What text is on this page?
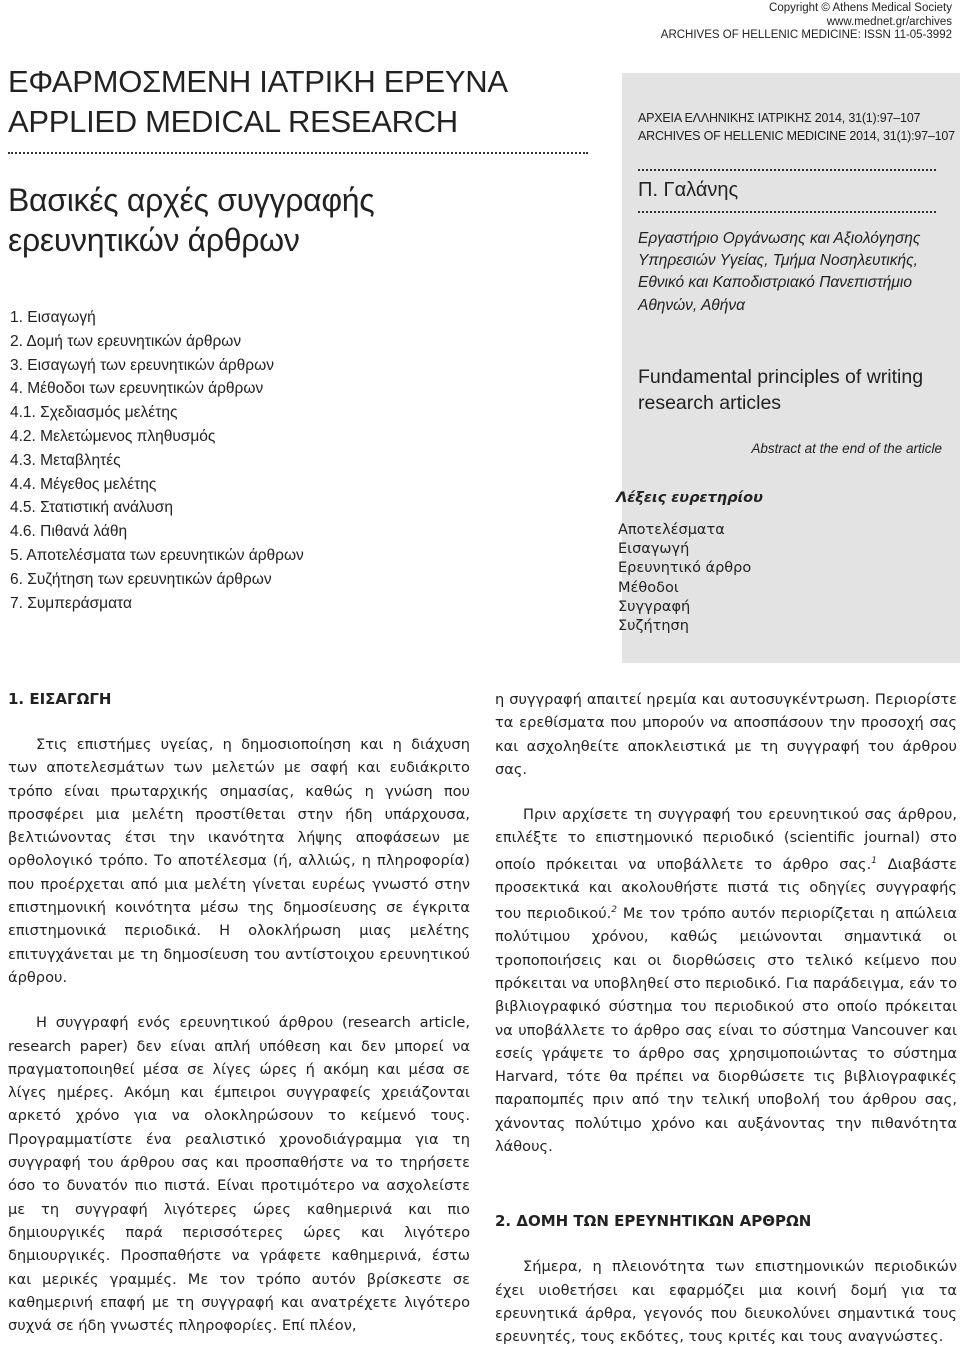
Copyright © Athens Medical Society
www.mednet.gr/archives
ARCHIVES OF HELLENIC MEDICINE: ISSN 11-05-3992
ΕΦΑΡΜΟΣΜΕΝΗ ΙΑΤΡΙΚΗ ΕΡΕΥΝΑ
APPLIED MEDICAL RESEARCH
Βασικές αρχές συγγραφής
ερευνητικών άρθρων
1. Εισαγωγή
2. Δομή των ερευνητικών άρθρων
3. Εισαγωγή των ερευνητικών άρθρων
4. Μέθοδοι των ερευνητικών άρθρων
4.1. Σχεδιασμός μελέτης
4.2. Μελετώμενος πληθυσμός
4.3. Μεταβλητές
4.4. Μέγεθος μελέτης
4.5. Στατιστική ανάλυση
4.6. Πιθανά λάθη
5. Αποτελέσματα των ερευνητικών άρθρων
6. Συζήτηση των ερευνητικών άρθρων
7. Συμπεράσματα
ΑΡΧΕΙΑ ΕΛΛΗΝΙΚΗΣ ΙΑΤΡΙΚΗΣ 2014, 31(1):97–107
ARCHIVES OF HELLENIC MEDICINE 2014, 31(1):97–107
Π. Γαλάνης
Εργαστήριο Οργάνωσης και Αξιολόγησης Υπηρεσιών Υγείας, Τμήμα Νοσηλευτικής, Εθνικό και Καποδιστριακό Πανεπιστήμιο Αθηνών, Αθήνα
Fundamental principles of writing research articles
Abstract at the end of the article
Λέξεις ευρετηρίου
Αποτελέσματα
Εισαγωγή
Ερευνητικό άρθρο
Μέθοδοι
Συγγραφή
Συζήτηση
1. ΕΙΣΑΓΩΓΗ

Στις επιστήμες υγείας, η δημοσιοποίηση και η διάχυση των αποτελεσμάτων των μελετών με σαφή και ευδιάκριτο τρόπο είναι πρωταρχικής σημασίας, καθώς η γνώση που προσφέρει μια μελέτη προστίθεται στην ήδη υπάρχουσα, βελτιώνοντας έτσι την ικανότητα λήψης αποφάσεων με ορθολογικό τρόπο. Το αποτέλεσμα (ή, αλλιώς, η πληροφορία) που προέρχεται από μια μελέτη γίνεται ευρέως γνωστό στην επιστημονική κοινότητα μέσω της δημοσίευσης σε έγκριτα επιστημονικά περιοδικά. Η ολοκλήρωση μιας μελέτης επιτυγχάνεται με τη δημοσίευση του αντίστοιχου ερευνητικού άρθρου.

Η συγγραφή ενός ερευνητικού άρθρου (research article, research paper) δεν είναι απλή υπόθεση και δεν μπορεί να πραγματοποιηθεί μέσα σε λίγες ώρες ή ακόμη και μέσα σε λίγες ημέρες. Ακόμη και έμπειροι συγγραφείς χρειάζονται αρκετό χρόνο για να ολοκληρώσουν το κείμενό τους. Προγραμματίστε ένα ρεαλιστικό χρονοδιάγραμμα για τη συγγραφή του άρθρου σας και προσπαθήστε να το τηρήσετε όσο το δυνατόν πιο πιστά. Είναι προτιμότερο να ασχολείστε με τη συγγραφή λιγότερες ώρες καθημερινά και πιο δημιουργικές παρά περισσότερες ώρες και λιγότερο δημιουργικές. Προσπαθήστε να γράφετε καθημερινά, έστω και μερικές γραμμές. Με τον τρόπο αυτόν βρίσκεστε σε καθημερινή επαφή με τη συγγραφή και ανατρέχετε λιγότερο συχνά σε ήδη γνωστές πληροφορίες. Επί πλέον,

η συγγραφή απαιτεί ηρεμία και αυτοσυγκέντρωση. Περιορίστε τα ερεθίσματα που μπορούν να αποσπάσουν την προσοχή σας και ασχοληθείτε αποκλειστικά με τη συγγραφή του άρθρου σας.

Πριν αρχίσετε τη συγγραφή του ερευνητικού σας άρθρου, επιλέξτε το επιστημονικό περιοδικό (scientific journal) στο οποίο πρόκειται να υποβάλλετε το άρθρο σας.$^1$ Διαβάστε προσεκτικά και ακολουθήστε πιστά τις οδηγίες συγγραφής του περιοδικού.$^2$ Με τον τρόπο αυτόν περιορίζεται η απώλεια πολύτιμου χρόνου, καθώς μειώνονται σημαντικά οι τροποποιήσεις και οι διορθώσεις στο τελικό κείμενο που πρόκειται να υποβληθεί στο περιοδικό. Για παράδειγμα, εάν το βιβλιογραφικό σύστημα του περιοδικού στο οποίο πρόκειται να υποβάλλετε το άρθρο σας είναι το σύστημα Vancouver και εσείς γράψετε το άρθρο σας χρησιμοποιώντας το σύστημα Harvard, τότε θα πρέπει να διορθώσετε τις βιβλιογραφικές παραπομπές πριν από την τελική υποβολή του άρθρου σας, χάνοντας πολύτιμο χρόνο και αυξάνοντας την πιθανότητα λάθους.

2. ΔΟΜΗ ΤΩΝ ΕΡΕΥΝΗΤΙΚΩΝ ΑΡΘΡΩΝ

Σήμερα, η πλειονότητα των επιστημονικών περιοδικών έχει υιοθετήσει και εφαρμόζει μια κοινή δομή για τα ερευνητικά άρθρα, γεγονός που διευκολύνει σημαντικά τους ερευνητές, τους εκδότες, τους κριτές και τους αναγνώστες.
